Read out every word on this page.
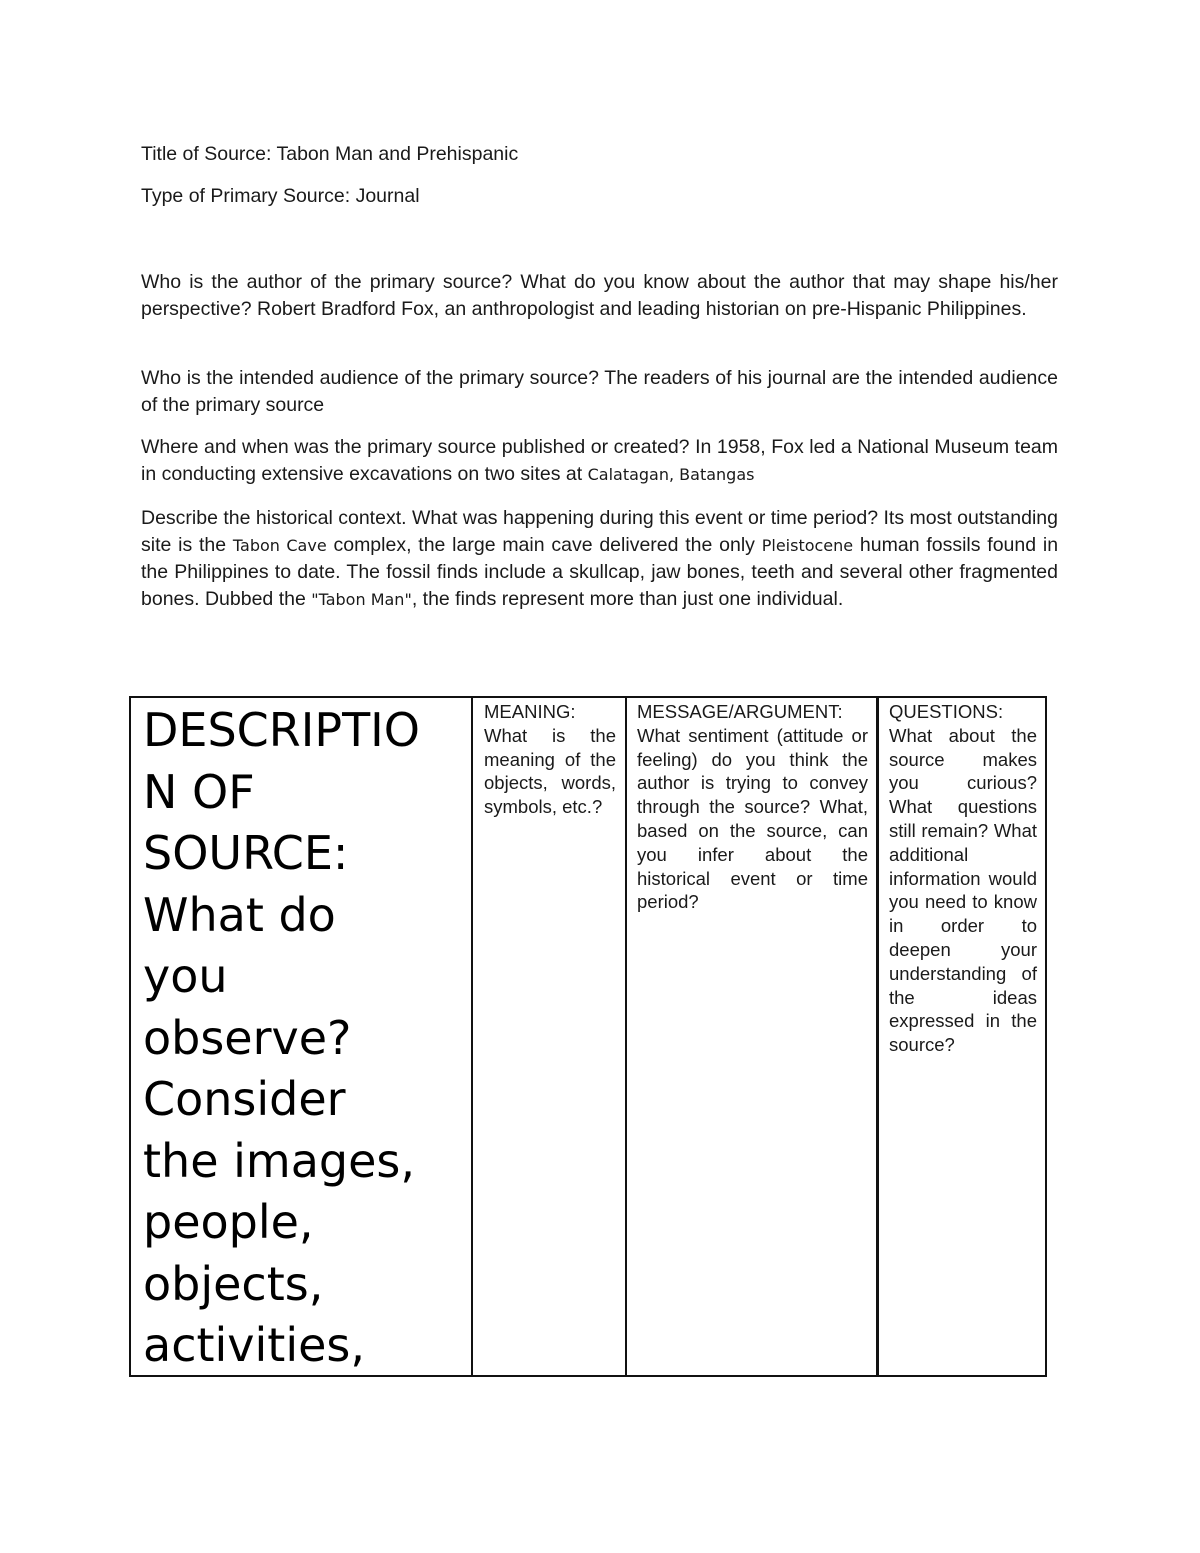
Title of Source: Tabon Man and Prehispanic
Type of Primary Source: Journal
Who is the author of the primary source? What do you know about the author that may shape his/her perspective? Robert Bradford Fox, an anthropologist and leading historian on pre-Hispanic Philippines.
Who is the intended audience of the primary source? The readers of his journal are the intended audience of the primary source
Where and when was the primary source published or created? In 1958, Fox led a National Museum team in conducting extensive excavations on two sites at Calatagan, Batangas
Describe the historical context. What was happening during this event or time period? Its most outstanding site is the Tabon Cave complex, the large main cave delivered the only Pleistocene human fossils found in the Philippines to date. The fossil finds include a skullcap, jaw bones, teeth and several other fragmented bones. Dubbed the "Tabon Man", the finds represent more than just one individual.
DESCRIPTIO
N OF
SOURCE:
What do
you
observe?
Consider
the images,
people,
objects,
activities,
MEANING:
What is the meaning of the objects, words, symbols, etc.?
MESSAGE/ARGUMENT:
What sentiment (attitude or feeling) do you think the author is trying to convey through the source? What, based on the source, can you infer about the historical event or time period?
QUESTIONS:
What about the source makes you curious? What questions still remain? What additional information would you need to know in order to deepen your understanding of the ideas expressed in the source?
